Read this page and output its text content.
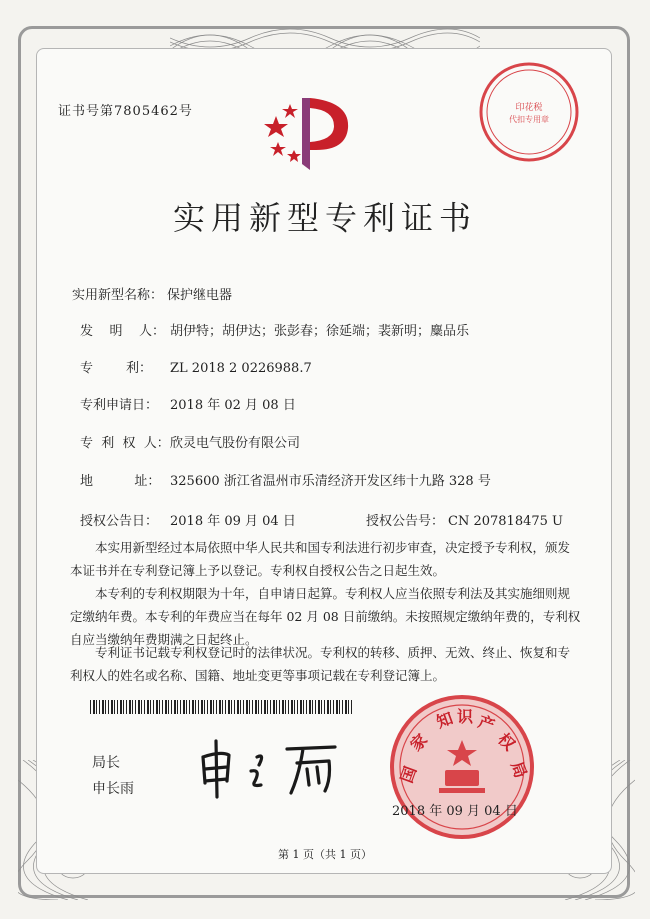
证书号第7805462号
实用新型专利证书
实用新型名称： 保护继电器
发    明    人： 胡伊特；胡伊达；张彭春；徐延端；裴新明；麋品乐
专        利： ZL 2018 2 0226988.7
专利申请日： 2018 年 02 月 08 日
专  利  权  人：欣灵电气股份有限公司
地          址： 325600 浙江省温州市乐清经济开发区纬十九路 328 号
授权公告日： 2018 年 09 月 04 日	授权公告号： CN 207818475 U
本实用新型经过本局依照中华人民共和国专利法进行初步审查，决定授予专利权，颁发本证书并在专利登记簿上予以登记。专利权自授权公告之日起生效。
本专利的专利权期限为十年，自申请日起算。专利权人应当依照专利法及其实施细则规定缴纳年费。本专利的年费应当在每年 02 月 08 日前缴纳。未按照规定缴纳年费的，专利权自应当缴纳年费期满之日起终止。
专利证书记载专利权登记时的法律状况。专利权的转移、质押、无效、终止、恢复和专利权人的姓名或名称、国籍、地址变更等事项记载在专利登记簿上。
局长
申长雨
印花税
代扣专用章
国
家
知 识 产
权
局
2018 年 09 月 04 日
第 1 页（共 1 页）
